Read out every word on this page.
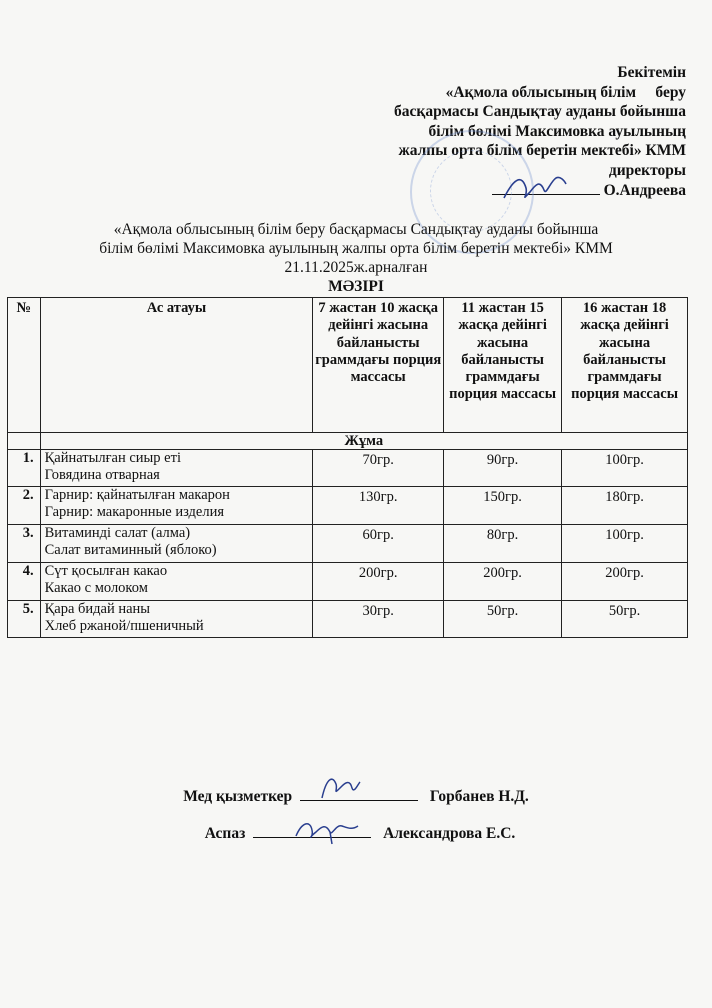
Бекітемін
«Ақмола облысының білім     беру
басқармасы Сандықтау ауданы бойынша
білім бөлімі Максимовка ауылының
жалпы орта білім беретін мектебі» КММ
директоры
О.Андреева
«Ақмола облысының білім беру басқармасы Сандықтау ауданы бойынша
білім бөлімі Максимовка ауылының жалпы орта білім беретін мектебі» КММ
21.11.2025ж.арналған
МӘЗІРІ
№	Ас атауы	7 жастан 10 жасқа дейінгі жасына байланысты граммдағы порция массасы	11 жастан 15 жасқа дейінгі жасына байланысты граммдағы порция массасы	16 жастан 18 жасқа дейінгі жасына байланысты граммдағы порция массасы
	Жұма			
1.	Қайнатылған сиыр еті
Говядина отварная	70гр.	90гр.	100гр.
2.	Гарнир: қайнатылған макарон
Гарнир: макаронные изделия	130гр.	150гр.	180гр.
3.	Витаминді салат (алма)
Салат витаминный (яблоко)	60гр.	80гр.	100гр.
4.	Сүт қосылған какао
Какао с молоком	200гр.	200гр.	200гр.
5.	Қара бидай наны
Хлеб ржаной/пшеничный	30гр.	50гр.	50гр.
Мед қызметкер	Горбанев Н.Д.
Аспаз	Александрова Е.С.
